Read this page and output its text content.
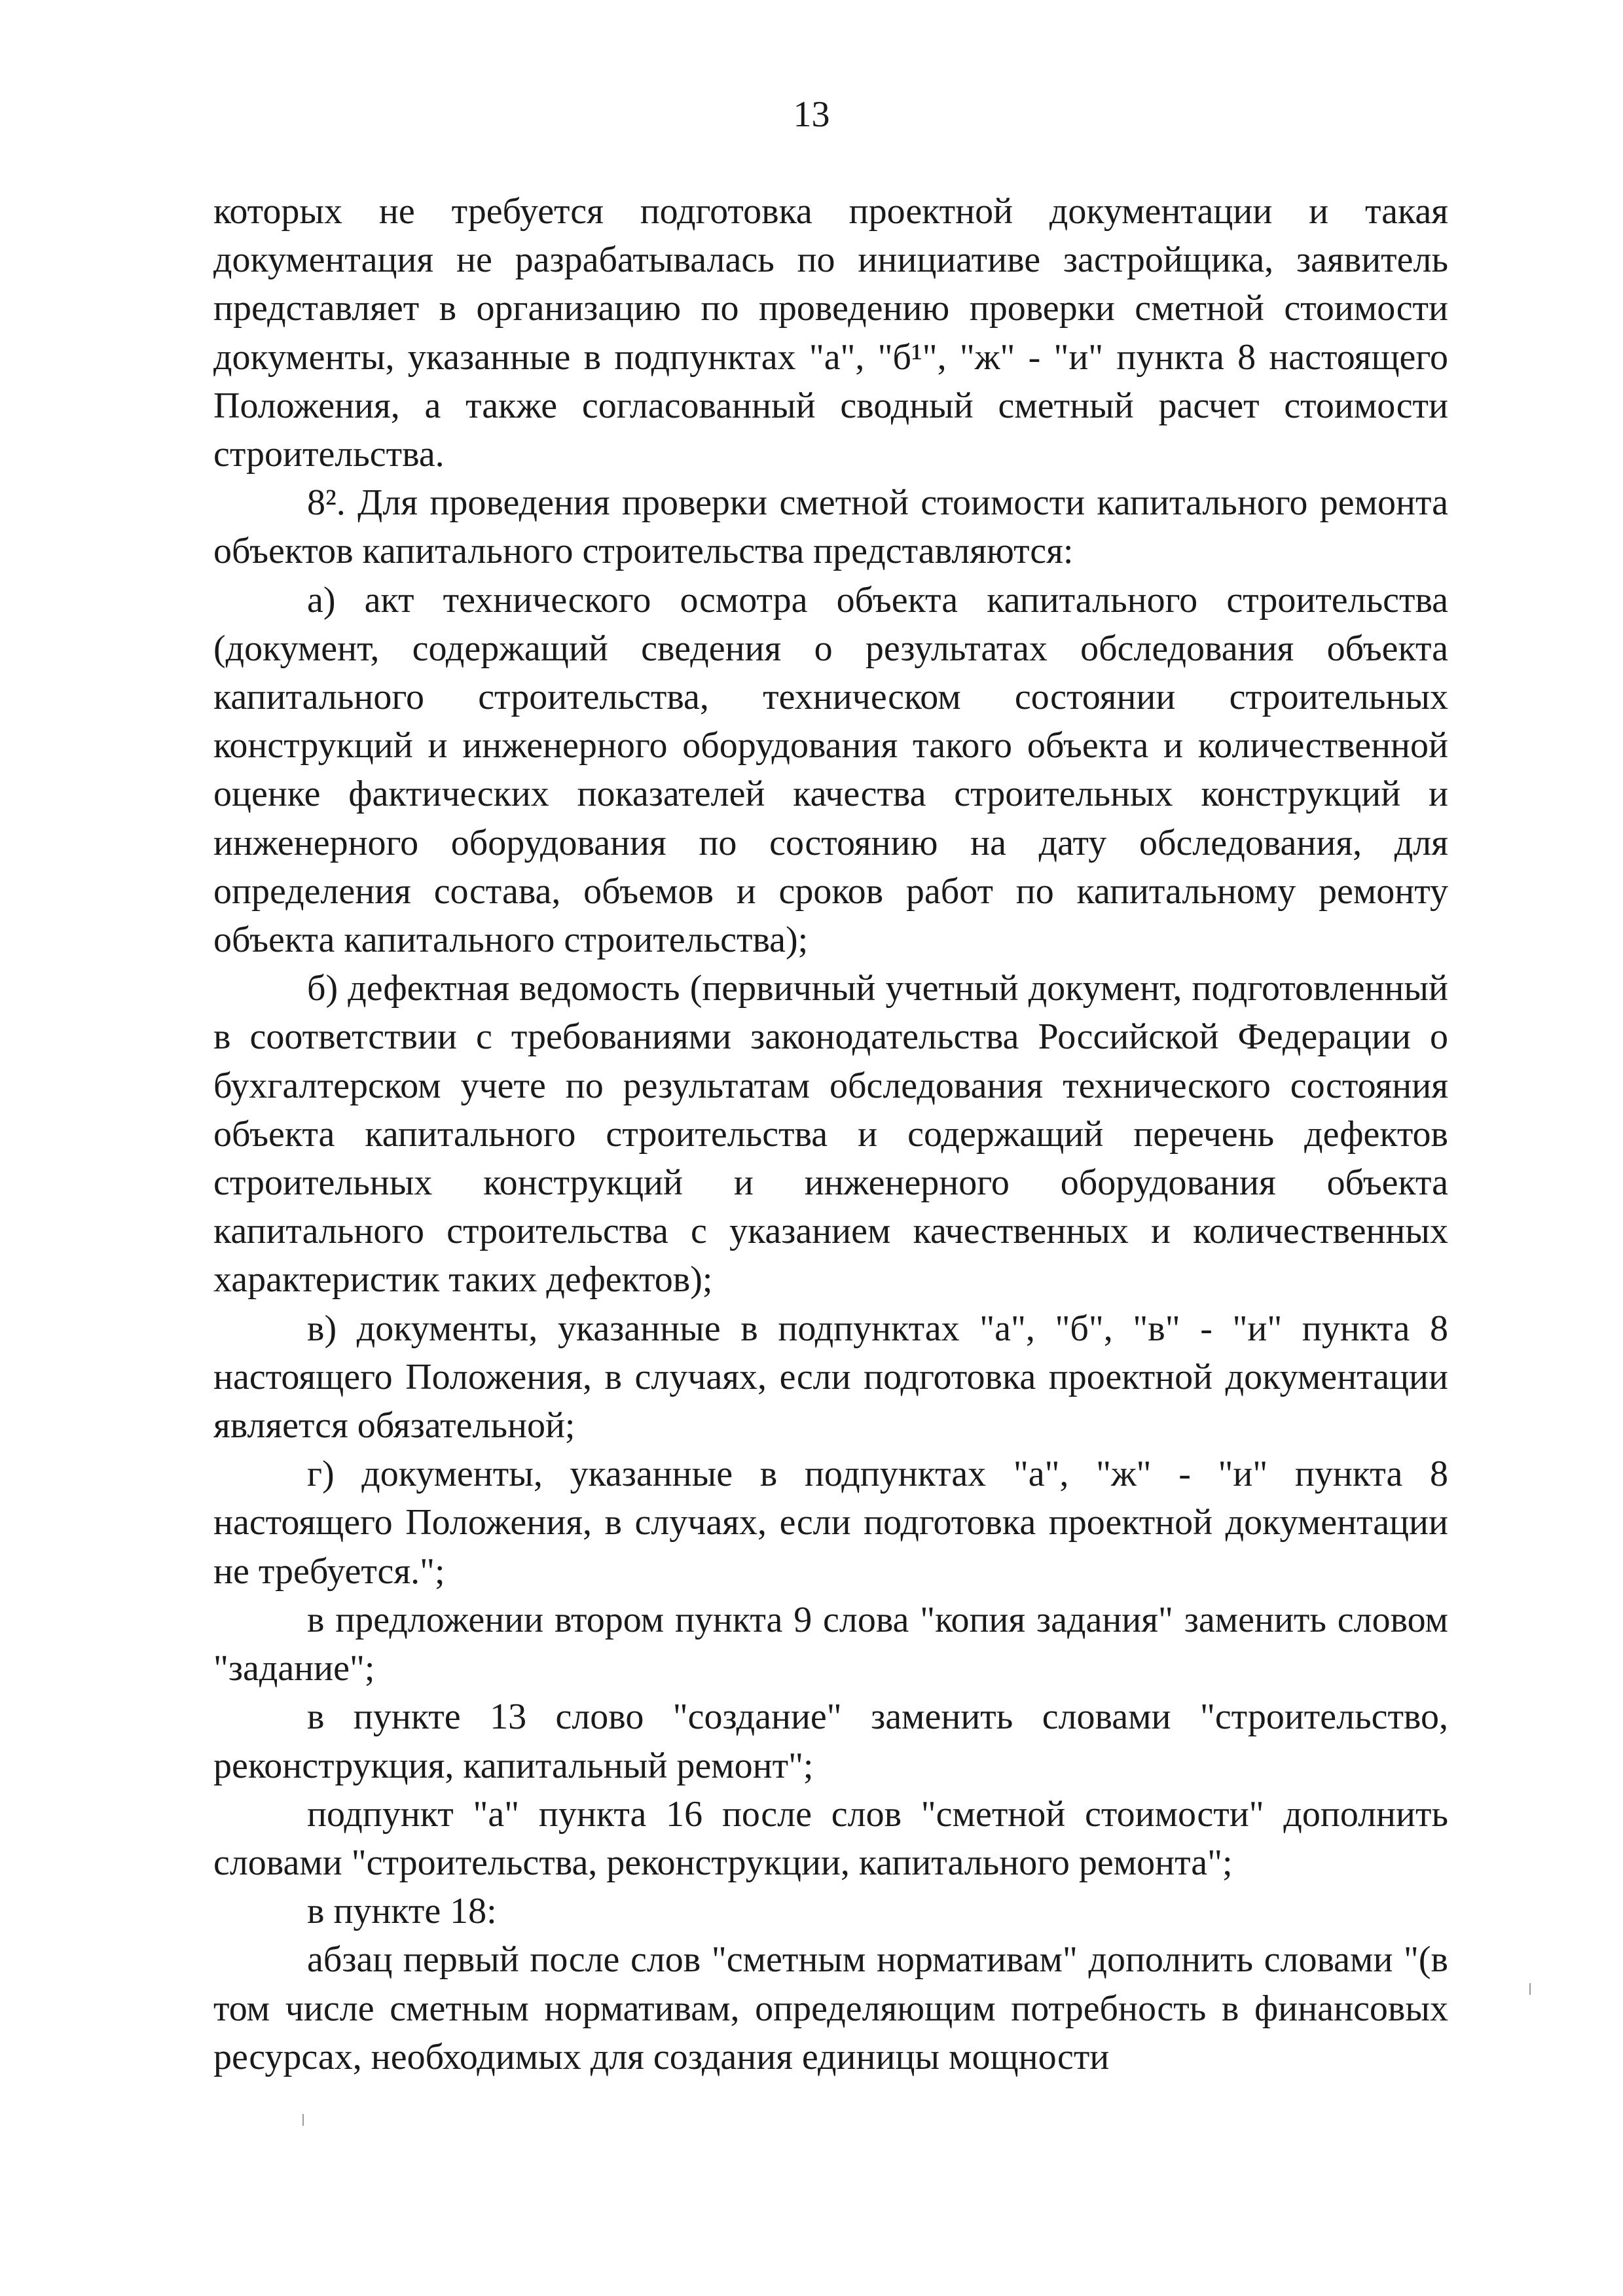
13

которых не требуется подготовка проектной документации и такая документация не разрабатывалась по инициативе застройщика, заявитель представляет в организацию по проведению проверки сметной стоимости документы, указанные в подпунктах "а", "б¹", "ж" - "и" пункта 8 настоящего Положения, а также согласованный сводный сметный расчет стоимости строительства.

8². Для проведения проверки сметной стоимости капитального ремонта объектов капитального строительства представляются:

а) акт технического осмотра объекта капитального строительства (документ, содержащий сведения о результатах обследования объекта капитального строительства, техническом состоянии строительных конструкций и инженерного оборудования такого объекта и количественной оценке фактических показателей качества строительных конструкций и инженерного оборудования по состоянию на дату обследования, для определения состава, объемов и сроков работ по капитальному ремонту объекта капитального строительства);

б) дефектная ведомость (первичный учетный документ, подготовленный в соответствии с требованиями законодательства Российской Федерации о бухгалтерском учете по результатам обследования технического состояния объекта капитального строительства и содержащий перечень дефектов строительных конструкций и инженерного оборудования объекта капитального строительства с указанием качественных и количественных характеристик таких дефектов);

в) документы, указанные в подпунктах "а", "б", "в" - "и" пункта 8 настоящего Положения, в случаях, если подготовка проектной документации является обязательной;

г) документы, указанные в подпунктах "а", "ж" - "и" пункта 8 настоящего Положения, в случаях, если подготовка проектной документации не требуется.";

в предложении втором пункта 9 слова "копия задания" заменить словом "задание";

в пункте 13 слово "создание" заменить словами "строительство, реконструкция, капитальный ремонт";

подпункт "а" пункта 16 после слов "сметной стоимости" дополнить словами "строительства, реконструкции, капитального ремонта";

в пункте 18:

абзац первый после слов "сметным нормативам" дополнить словами "(в том числе сметным нормативам, определяющим потребность в финансовых ресурсах, необходимых для создания единицы мощности
